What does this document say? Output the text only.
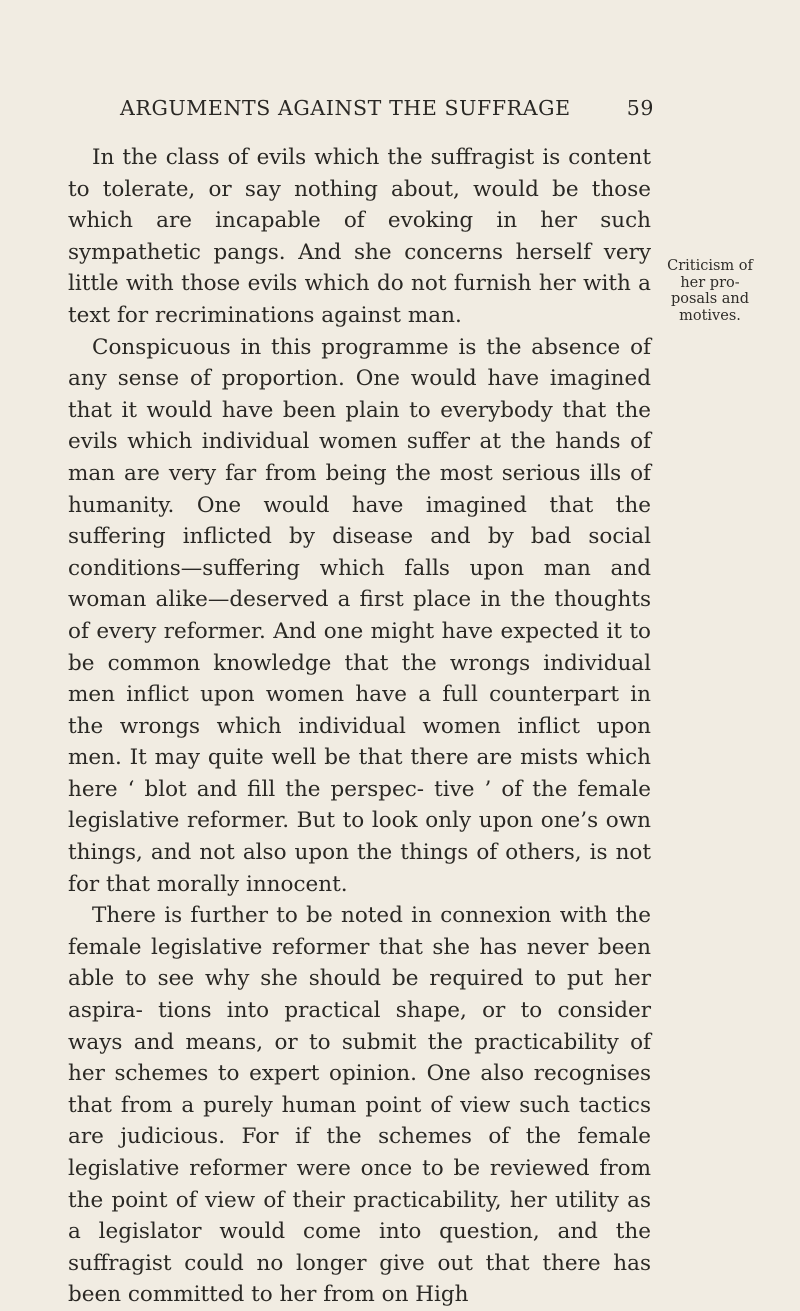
ARGUMENTS AGAINST THE SUFFRAGE	59

In the class of evils which the suffragist is content to tolerate, or say nothing about, would be those which are incapable of evoking in her such sympathetic pangs. And she concerns herself very little with those evils which do not furnish her with a text for recriminations against man.

Conspicuous in this programme is the absence of any sense of proportion. One would have imagined that it would have been plain to everybody that the evils which individual women suffer at the hands of man are very far from being the most serious ills of humanity. One would have imagined that the suffering inflicted by disease and by bad social conditions—suffering which falls upon man and woman alike—deserved a first place in the thoughts of every reformer. And one might have expected it to be common knowledge that the wrongs individual men inflict upon women have a full counterpart in the wrongs which individual women inflict upon men. It may quite well be that there are mists which here ‘ blot and fill the perspec- tive ’ of the female legislative reformer. But to look only upon one’s own things, and not also upon the things of others, is not for that morally innocent.

There is further to be noted in connexion with the female legislative reformer that she has never been able to see why she should be required to put her aspira- tions into practical shape, or to consider ways and means, or to submit the practicability of her schemes to expert opinion. One also recognises that from a purely human point of view such tactics are judicious. For if the schemes of the female legislative reformer were once to be reviewed from the point of view of their practicability, her utility as a legislator would come into question, and the suffragist could no longer give out that there has been committed to her from on High

Criticism of her pro- posals and motives.
